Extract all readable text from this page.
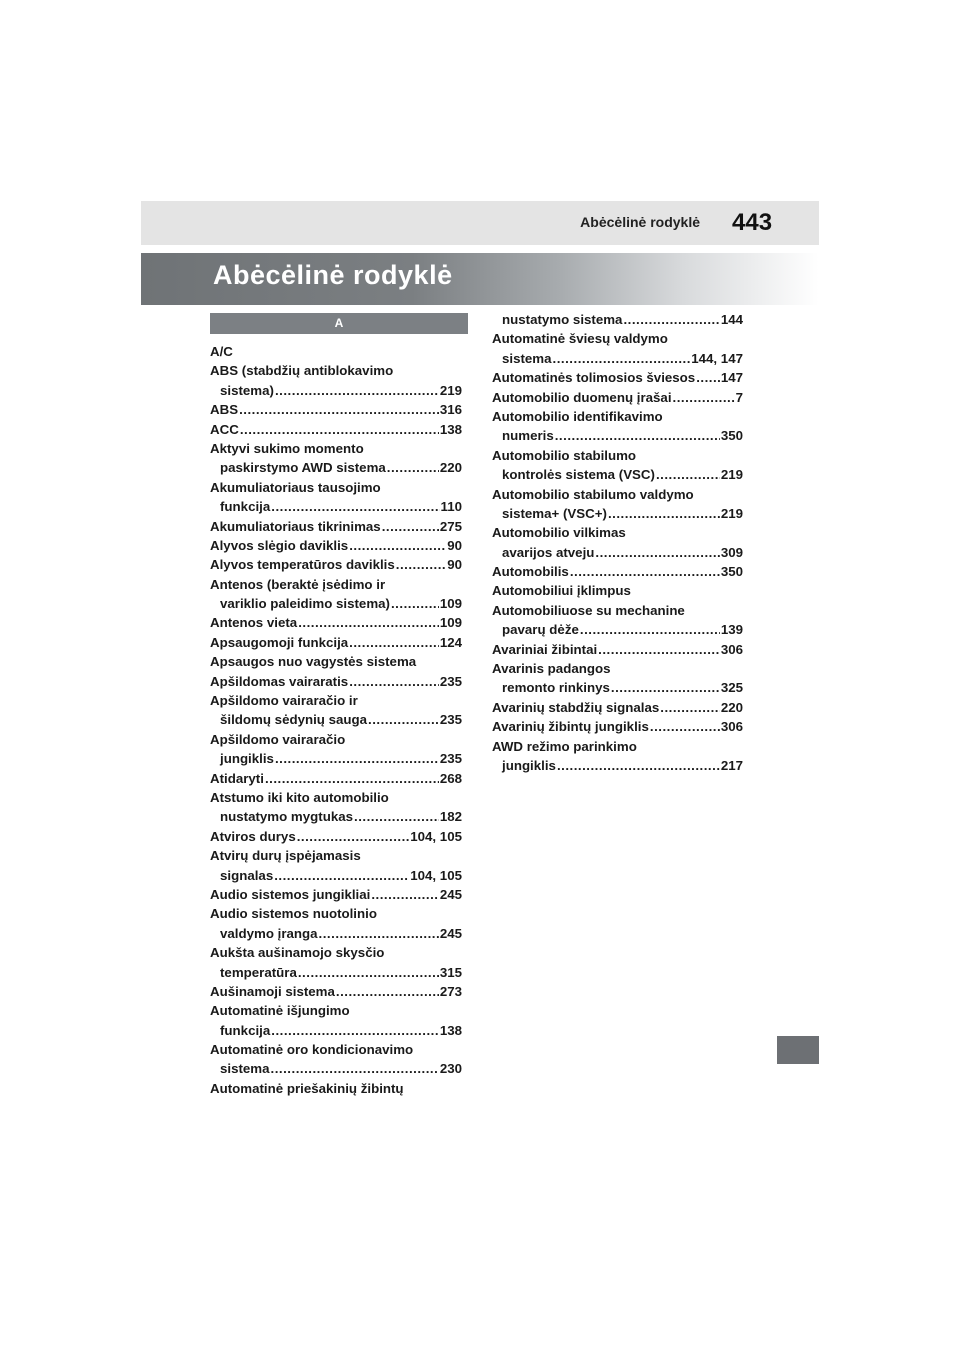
Abėcėlinė rodyklė 443
Abėcėlinė rodyklė
A
A/C
ABS (stabdžių antiblokavimo
sistema) .....	219
ABS .....	316
ACC .....	138
Aktyvi sukimo momento
paskirstymo AWD sistema .....	220
Akumuliatoriaus tausojimo
funkcija .....	110
Akumuliatoriaus tikrinimas .....	275
Alyvos slėgio daviklis .....	90
Alyvos temperatūros daviklis .....	90
Antenos (beraktė įsėdimo ir
variklio paleidimo sistema) .....	109
Antenos vieta .....	109
Apsaugomoji funkcija .....	124
Apsaugos nuo vagystės sistema
Apšildomas vairaratis .....	235
Apšildomo vairaračio ir
šildomų sėdynių sauga .....	235
Apšildomo vairaračio
jungiklis .....	235
Atidaryti .....	268
Atstumo iki kito automobilio
nustatymo mygtukas .....	182
Atviros durys .....	104, 105
Atvirų durų įspėjamasis
signalas .....	104, 105
Audio sistemos jungikliai .....	245
Audio sistemos nuotolinio
valdymo įranga .....	245
Aukšta aušinamojo skysčio
temperatūra .....	315
Aušinamoji sistema .....	273
Automatinė išjungimo
funkcija .....	138
Automatinė oro kondicionavimo
sistema .....	230
Automatinė priešakinių žibintų
nustatymo sistema .....	144
Automatinė šviesų valdymo
sistema .....	144, 147
Automatinės tolimosios šviesos ..... 147
Automobilio duomenų įrašai .....	7
Automobilio identifikavimo
numeris .....	350
Automobilio stabilumo
kontrolės sistema (VSC) .....	219
Automobilio stabilumo valdymo
sistema+ (VSC+) .....	219
Automobilio vilkimas
avarijos atveju .....	309
Automobilis .....	350
Automobiliui įklimpus
Automobiliuose su mechanine
pavarų dėže .....	139
Avariniai žibintai .....	306
Avarinis padangos
remonto rinkinys .....	325
Avarinių stabdžių signalas .....	220
Avarinių žibintų jungiklis .....	306
AWD režimo parinkimo
jungiklis .....	217
